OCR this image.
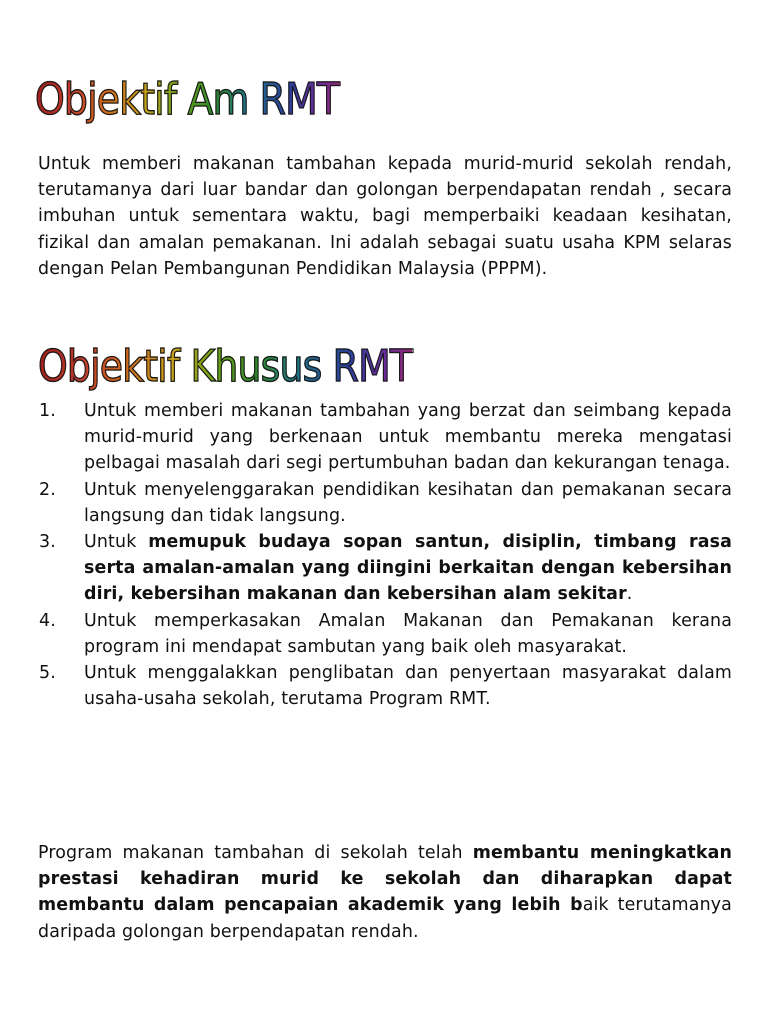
Objektif Am RMT

Untuk memberi makanan tambahan kepada murid-murid sekolah rendah, terutamanya dari luar bandar dan golongan berpendapatan rendah , secara imbuhan untuk sementara waktu, bagi memperbaiki keadaan kesihatan, fizikal dan amalan pemakanan. Ini adalah sebagai suatu usaha KPM selaras dengan Pelan Pembangunan Pendidikan Malaysia (PPPM).

Objektif Khusus RMT
1. Untuk memberi makanan tambahan yang berzat dan seimbang kepada murid-murid yang berkenaan untuk membantu mereka mengatasi pelbagai masalah dari segi pertumbuhan badan dan kekurangan tenaga.
2. Untuk menyelenggarakan pendidikan kesihatan dan pemakanan secara langsung dan tidak langsung.
3. Untuk memupuk budaya sopan santun, disiplin, timbang rasa serta amalan-amalan yang diingini berkaitan dengan kebersihan diri, kebersihan makanan dan kebersihan alam sekitar.
4. Untuk memperkasakan Amalan Makanan dan Pemakanan kerana program ini mendapat sambutan yang baik oleh masyarakat.
5. Untuk menggalakkan penglibatan dan penyertaan masyarakat dalam usaha-usaha sekolah, terutama Program RMT.

Program makanan tambahan di sekolah telah membantu meningkatkan prestasi kehadiran murid ke sekolah dan diharapkan dapat membantu dalam pencapaian akademik yang lebih baik terutamanya daripada golongan berpendapatan rendah.
